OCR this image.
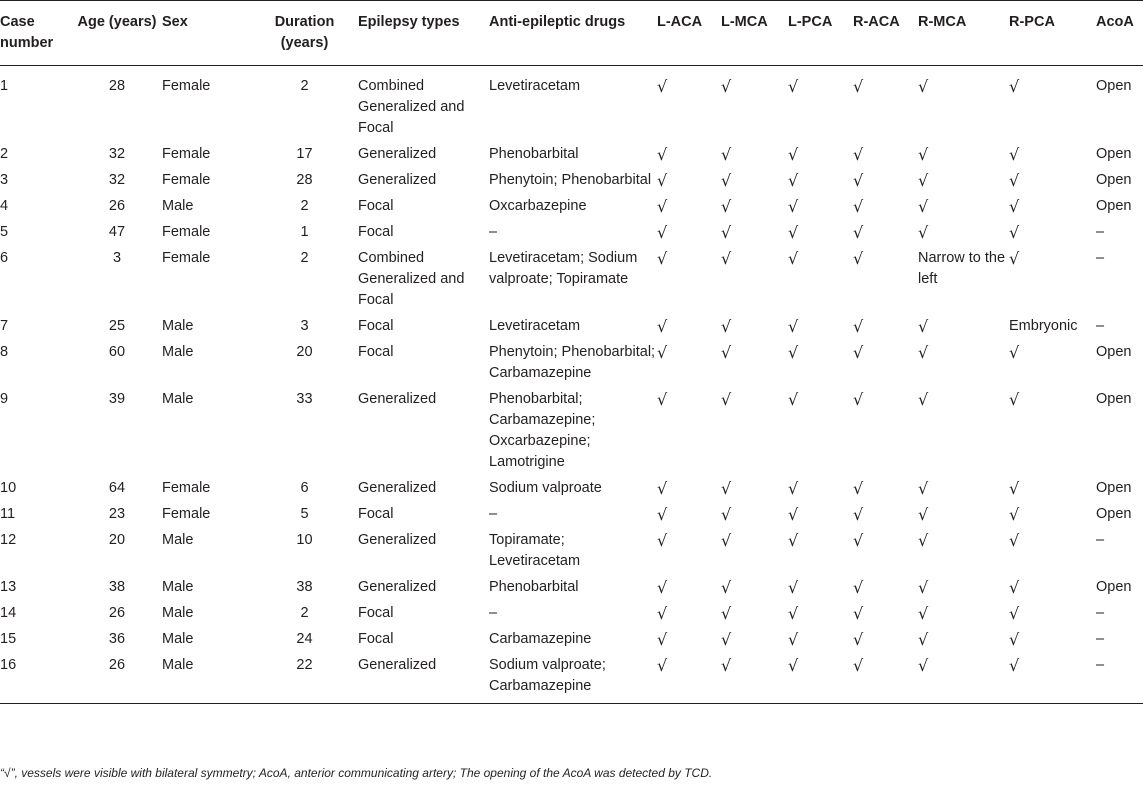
Case number	Age (years)	Sex	Duration (years)	Epilepsy types	Anti-epileptic drugs	L-ACA	L-MCA	L-PCA	R-ACA	R-MCA	R-PCA	AcoA
1	28	Female	2	Combined Generalized and Focal	Levetiracetam	√	√	√	√	√	√	Open
2	32	Female	17	Generalized	Phenobarbital	√	√	√	√	√	√	Open
3	32	Female	28	Generalized	Phenytoin; Phenobarbital	√	√	√	√	√	√	Open
4	26	Male	2	Focal	Oxcarbazepine	√	√	√	√	√	√	Open
5	47	Female	1	Focal	–	√	√	√	√	√	√	–
6	3	Female	2	Combined Generalized and Focal	Levetiracetam; Sodium valproate; Topiramate	√	√	√	√	Narrow to the left	√	–
7	25	Male	3	Focal	Levetiracetam	√	√	√	√	√	Embryonic	–
8	60	Male	20	Focal	Phenytoin; Phenobarbital; Carbamazepine	√	√	√	√	√	√	Open
9	39	Male	33	Generalized	Phenobarbital; Carbamazepine; Oxcarbazepine; Lamotrigine	√	√	√	√	√	√	Open
10	64	Female	6	Generalized	Sodium valproate	√	√	√	√	√	√	Open
11	23	Female	5	Focal	–	√	√	√	√	√	√	Open
12	20	Male	10	Generalized	Topiramate; Levetiracetam	√	√	√	√	√	√	–
13	38	Male	38	Generalized	Phenobarbital	√	√	√	√	√	√	Open
14	26	Male	2	Focal	–	√	√	√	√	√	√	–
15	36	Male	24	Focal	Carbamazepine	√	√	√	√	√	√	–
16	26	Male	22	Generalized	Sodium valproate; Carbamazepine	√	√	√	√	√	√	–
“√”, vessels were visible with bilateral symmetry; AcoA, anterior communicating artery; The opening of the AcoA was detected by TCD.
